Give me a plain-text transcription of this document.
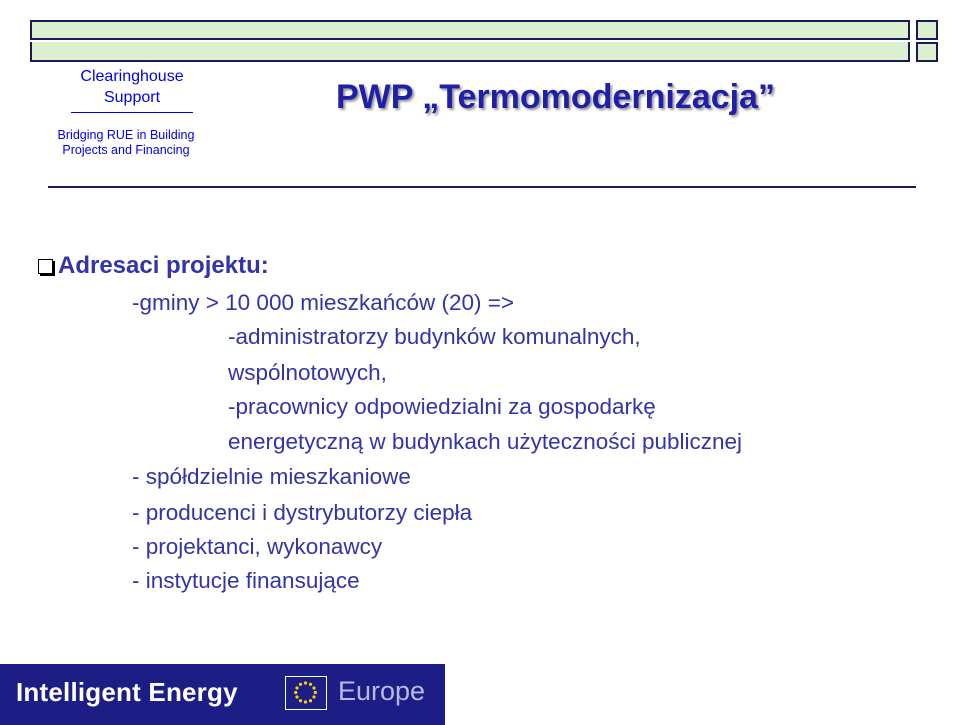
Clearinghouse
Support
Bridging RUE in Building
Projects and Financing
PWP „Termomodernizacja”
Adresaci projektu:
-gminy > 10 000 mieszkańców (20) =>
-administratorzy budynków komunalnych,
wspólnotowych,
-pracownicy odpowiedzialni za gospodarkę
energetyczną w budynkach użyteczności publicznej
- spółdzielnie mieszkaniowe
- producenci i dystrybutorzy ciepła
- projektanci, wykonawcy
- instytucje finansujące
Intelligent Energy	Europe
